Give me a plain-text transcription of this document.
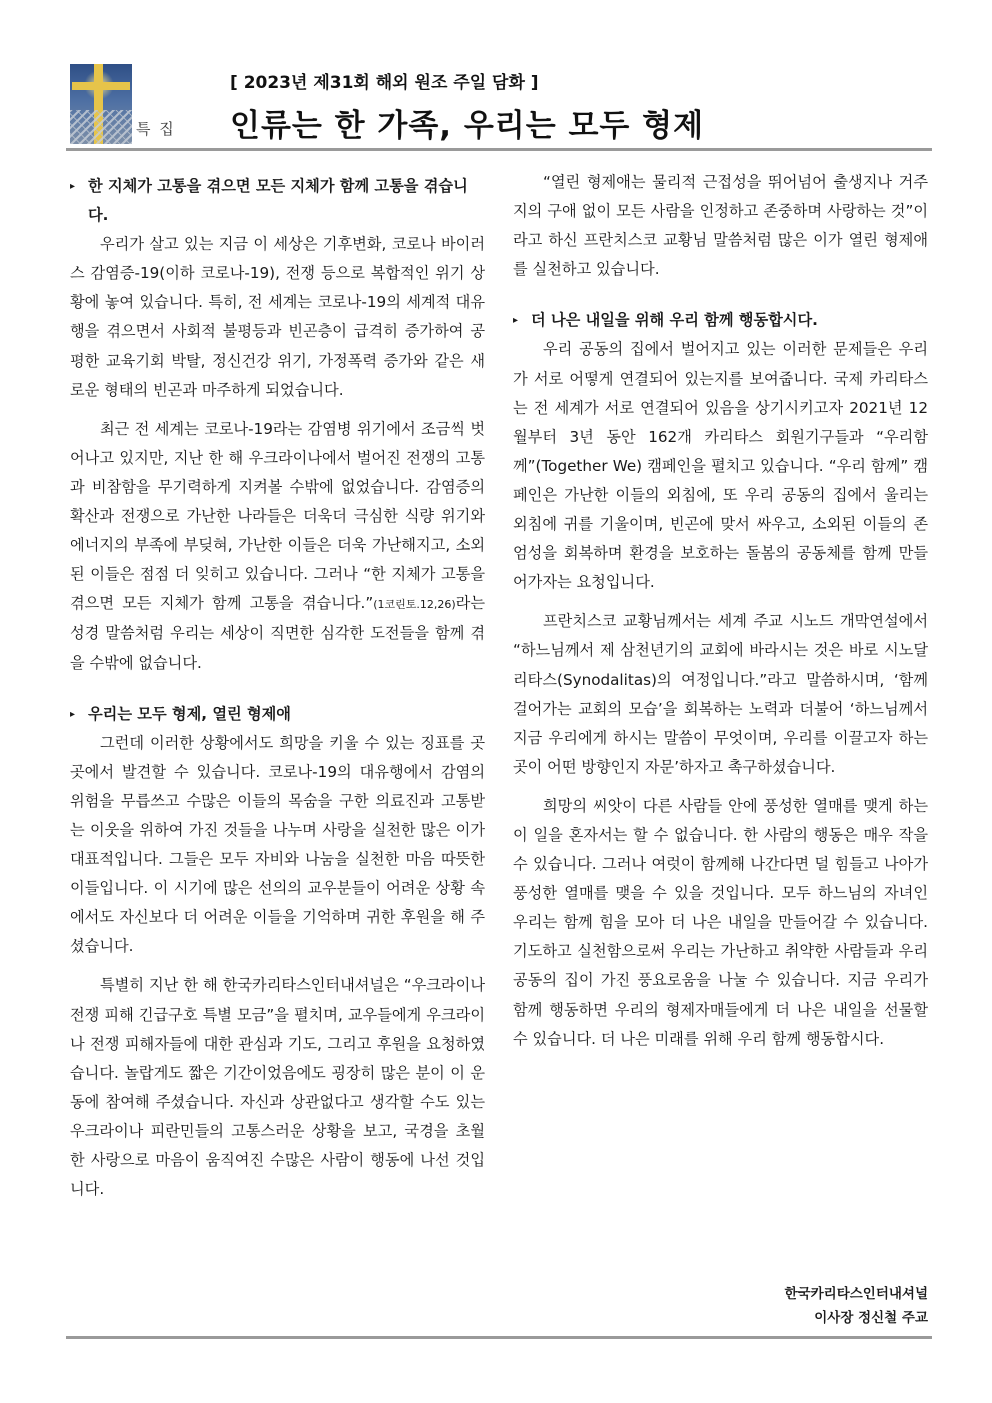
특 집
[ 2023년 제31회 해외 원조 주일 담화 ]
인류는 한 가족, 우리는 모두 형제

▸ 한 지체가 고통을 겪으면 모든 지체가 함께 고통을 겪습니다.

우리가 살고 있는 지금 이 세상은 기후변화, 코로나 바이러스 감염증-19(이하 코로나-19), 전쟁 등으로 복합적인 위기 상황에 놓여 있습니다. 특히, 전 세계는 코로나-19의 세계적 대유행을 겪으면서 사회적 불평등과 빈곤층이 급격히 증가하여 공평한 교육기회 박탈, 정신건강 위기, 가정폭력 증가와 같은 새로운 형태의 빈곤과 마주하게 되었습니다.

최근 전 세계는 코로나-19라는 감염병 위기에서 조금씩 벗어나고 있지만, 지난 한 해 우크라이나에서 벌어진 전쟁의 고통과 비참함을 무기력하게 지켜볼 수밖에 없었습니다. 감염증의 확산과 전쟁으로 가난한 나라들은 더욱더 극심한 식량 위기와 에너지의 부족에 부딪혀, 가난한 이들은 더욱 가난해지고, 소외된 이들은 점점 더 잊히고 있습니다. 그러나 “한 지체가 고통을 겪으면 모든 지체가 함께 고통을 겪습니다.”(1코린토.12,26)라는 성경 말씀처럼 우리는 세상이 직면한 심각한 도전들을 함께 겪을 수밖에 없습니다.

▸ 우리는 모두 형제, 열린 형제애

그런데 이러한 상황에서도 희망을 키울 수 있는 징표를 곳곳에서 발견할 수 있습니다. 코로나-19의 대유행에서 감염의 위험을 무릅쓰고 수많은 이들의 목숨을 구한 의료진과 고통받는 이웃을 위하여 가진 것들을 나누며 사랑을 실천한 많은 이가 대표적입니다. 그들은 모두 자비와 나눔을 실천한 마음 따뜻한 이들입니다. 이 시기에 많은 선의의 교우분들이 어려운 상황 속에서도 자신보다 더 어려운 이들을 기억하며 귀한 후원을 해 주셨습니다.

특별히 지난 한 해 한국카리타스인터내셔널은 “우크라이나 전쟁 피해 긴급구호 특별 모금”을 펼치며, 교우들에게 우크라이나 전쟁 피해자들에 대한 관심과 기도, 그리고 후원을 요청하였습니다. 놀랍게도 짧은 기간이었음에도 굉장히 많은 분이 이 운동에 참여해 주셨습니다. 자신과 상관없다고 생각할 수도 있는 우크라이나 피란민들의 고통스러운 상황을 보고, 국경을 초월한 사랑으로 마음이 움직여진 수많은 사람이 행동에 나선 것입니다.

“열린 형제애는 물리적 근접성을 뛰어넘어 출생지나 거주지의 구애 없이 모든 사람을 인정하고 존중하며 사랑하는 것”이라고 하신 프란치스코 교황님 말씀처럼 많은 이가 열린 형제애를 실천하고 있습니다.

▸ 더 나은 내일을 위해 우리 함께 행동합시다.

우리 공동의 집에서 벌어지고 있는 이러한 문제들은 우리가 서로 어떻게 연결되어 있는지를 보여줍니다. 국제 카리타스는 전 세계가 서로 연결되어 있음을 상기시키고자 2021년 12월부터 3년 동안 162개 카리타스 회원기구들과 “우리함께”(Together We) 캠페인을 펼치고 있습니다. “우리 함께” 캠페인은 가난한 이들의 외침에, 또 우리 공동의 집에서 울리는 외침에 귀를 기울이며, 빈곤에 맞서 싸우고, 소외된 이들의 존엄성을 회복하며 환경을 보호하는 돌봄의 공동체를 함께 만들어가자는 요청입니다.

프란치스코 교황님께서는 세계 주교 시노드 개막연설에서 “하느님께서 제 삼천년기의 교회에 바라시는 것은 바로 시노달리타스(Synodalitas)의 여정입니다.”라고 말씀하시며, ‘함께 걸어가는 교회의 모습’을 회복하는 노력과 더불어 ‘하느님께서 지금 우리에게 하시는 말씀이 무엇이며, 우리를 이끌고자 하는 곳이 어떤 방향인지 자문’하자고 촉구하셨습니다.

희망의 씨앗이 다른 사람들 안에 풍성한 열매를 맺게 하는 이 일을 혼자서는 할 수 없습니다. 한 사람의 행동은 매우 작을 수 있습니다. 그러나 여럿이 함께해 나간다면 덜 힘들고 나아가 풍성한 열매를 맺을 수 있을 것입니다. 모두 하느님의 자녀인 우리는 함께 힘을 모아 더 나은 내일을 만들어갈 수 있습니다. 기도하고 실천함으로써 우리는 가난하고 취약한 사람들과 우리 공동의 집이 가진 풍요로움을 나눌 수 있습니다. 지금 우리가 함께 행동하면 우리의 형제자매들에게 더 나은 내일을 선물할 수 있습니다. 더 나은 미래를 위해 우리 함께 행동합시다.

한국카리타스인터내셔널
이사장 정신철 주교
